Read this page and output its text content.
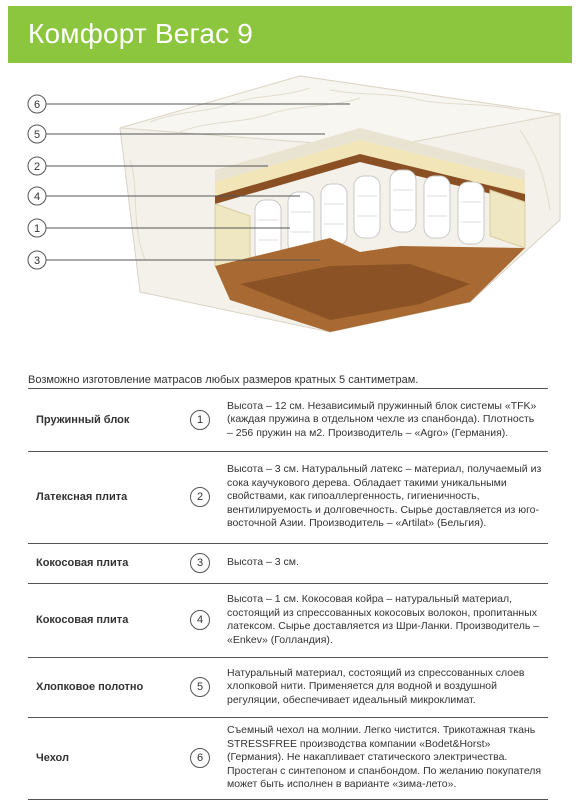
Комфорт Вегас 9
6
5
2
4
1
3
Возможно изготовление матрасов любых размеров кратных 5 сантиметрам.
Пружинный блок	1	Высота – 12 см. Независимый пружинный блок системы «TFK» (каждая пружина в отдельном чехле из спанбонда). Плотность – 256 пружин на м2. Производитель – «Agro» (Германия).
Латексная плита	2	Высота – 3 см. Натуральный латекс – материал, получаемый из сока каучукового дерева. Обладает такими уникальными свойствами, как гипоаллергенность, гигиеничность, вентилируемость и долговечность. Сырье доставляется из юго-восточной Азии. Производитель – «Artilat» (Бельгия).
Кокосовая плита	3	Высота – 3 см.
Кокосовая плита	4	Высота – 1 см. Кокосовая койра – натуральный материал, состоящий из спрессованных кокосовых волокон, пропитанных латексом. Сырье доставляется из Шри-Ланки. Производитель – «Enkev» (Голландия).
Хлопковое полотно	5	Натуральный материал, состоящий из спрессованных слоев хлопковой нити. Применяется для водной и воздушной регуляции, обеспечивает идеальный микроклимат.
Чехол	6	Съемный чехол на молнии. Легко чистится. Трикотажная ткань STRESSFREE производства компании «Bodet&Horst» (Германия). Не накапливает статического электричества. Простеган с синтепоном и спанбондом. По желанию покупателя может быть исполнен в варианте «зима-лето».
